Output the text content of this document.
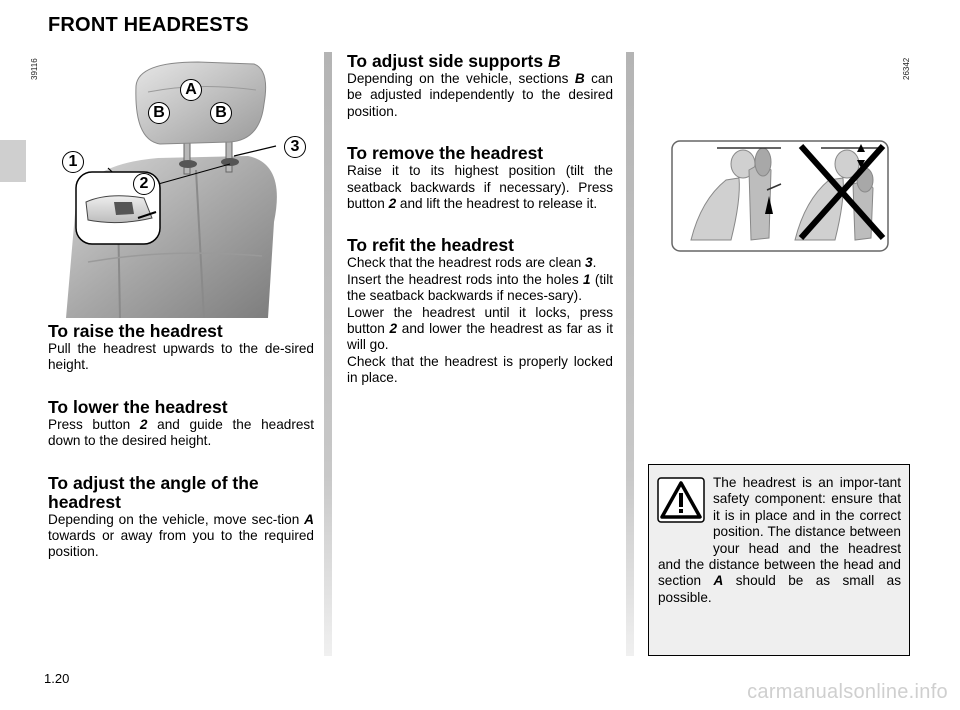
FRONT HEADRESTS
39116
A
B	B
1
2
3
To raise the headrest

Pull the headrest upwards to the de-sired height.

To lower the headrest

Press button 2 and guide the headrest down to the desired height.

To adjust the angle of the headrest

Depending on the vehicle, move sec-tion A towards or away from you to the required position.

To adjust side supports B

Depending on the vehicle, sections B can be adjusted independently to the desired position.

To remove the headrest

Raise it to its highest position (tilt the seatback backwards if necessary). Press button 2 and lift the headrest to release it.

To refit the headrest

Check that the headrest rods are clean 3.

Insert the headrest rods into the holes 1 (tilt the seatback backwards if neces-sary).

Lower the headrest until it locks, press button 2 and lower the headrest as far as it will go.

Check that the headrest is properly locked in place.

26342
The headrest is an impor-tant safety component: ensure that it is in place and in the correct position. The distance between your head and the headrest and the distance between the head and section A should be as small as possible.
1.20
carmanualsonline.info
